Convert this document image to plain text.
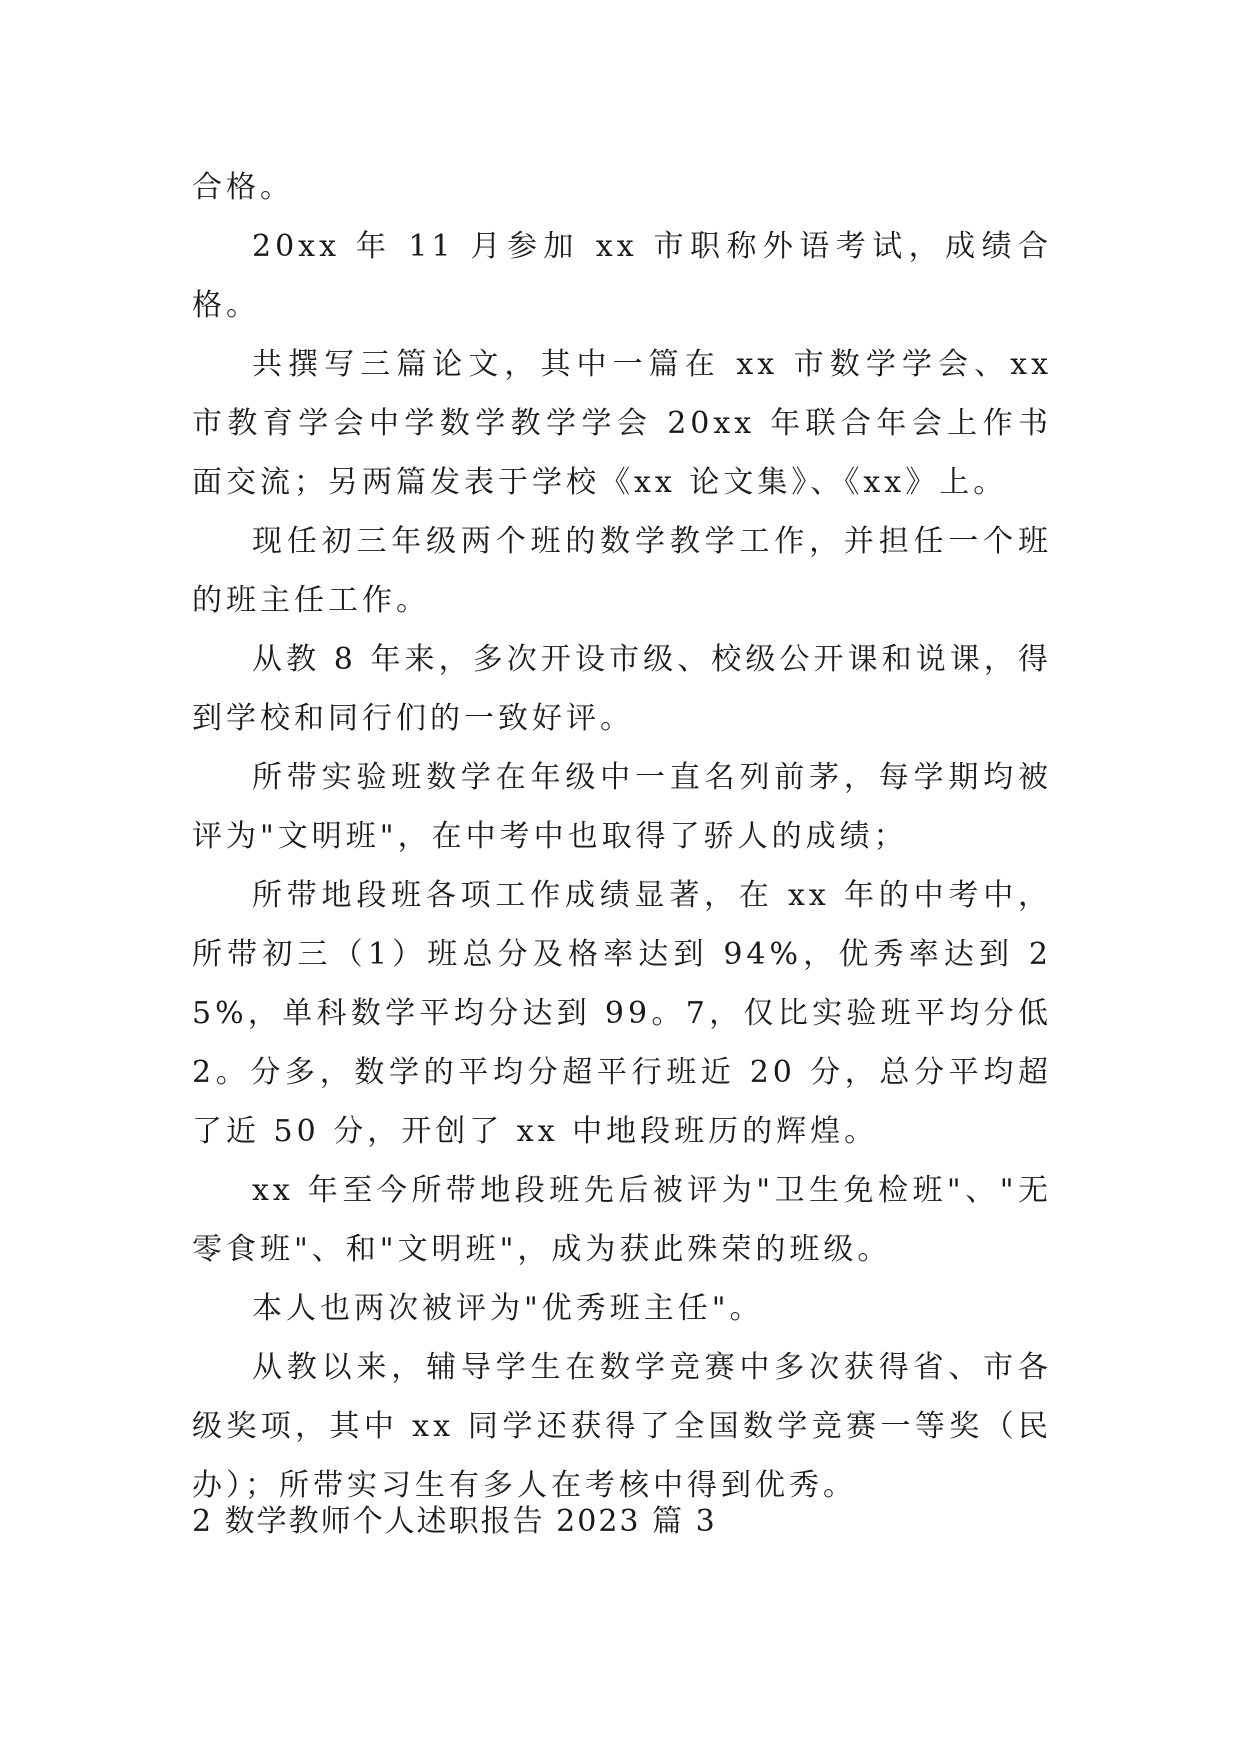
合格。

20xx 年 11 月参加 xx 市职称外语考试，成绩合格。

共撰写三篇论文，其中一篇在 xx 市数学学会、xx 市教育学会中学数学教学学会 20xx 年联合年会上作书面交流；另两篇发表于学校《xx 论文集》、《xx》上。

现任初三年级两个班的数学教学工作，并担任一个班的班主任工作。

从教 8 年来，多次开设市级、校级公开课和说课，得到学校和同行们的一致好评。

所带实验班数学在年级中一直名列前茅，每学期均被评为"文明班"，在中考中也取得了骄人的成绩；

所带地段班各项工作成绩显著，在 xx 年的中考中，所带初三（1）班总分及格率达到 94%，优秀率达到 25%，单科数学平均分达到 99。7，仅比实验班平均分低 2。分多，数学的平均分超平行班近 20 分，总分平均超了近 50 分，开创了 xx 中地段班历的辉煌。

xx 年至今所带地段班先后被评为"卫生免检班"、"无零食班"、和"文明班"，成为获此殊荣的班级。

本人也两次被评为"优秀班主任"。

从教以来，辅导学生在数学竞赛中多次获得省、市各级奖项，其中 xx 同学还获得了全国数学竞赛一等奖（民办）；所带实习生有多人在考核中得到优秀。

2 数学教师个人述职报告 2023 篇 3
